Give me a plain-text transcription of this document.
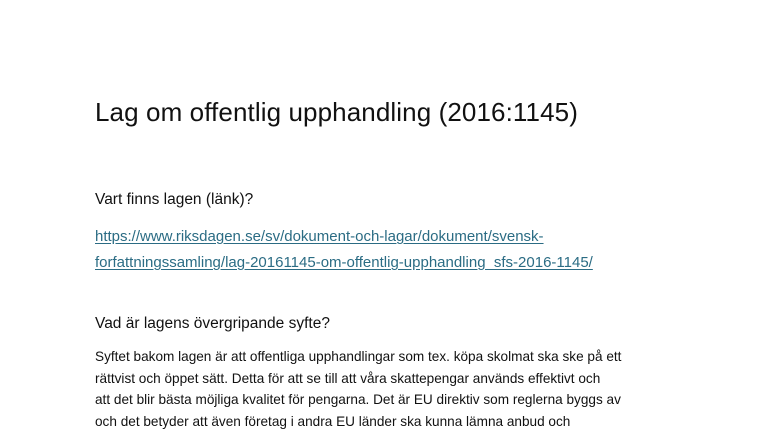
Lag om offentlig upphandling (2016:1145)
Vart finns lagen (länk)?
https://www.riksdagen.se/sv/dokument-och-lagar/dokument/svensk-
forfattningssamling/lag-20161145-om-offentlig-upphandling_sfs-2016-1145/
Vad är lagens övergripande syfte?

Syftet bakom lagen är att offentliga upphandlingar som tex. köpa skolmat ska ske på ett
rättvist och öppet sätt. Detta för att se till att våra skattepengar används effektivt och
att det blir bästa möjliga kvalitet för pengarna. Det är EU direktiv som reglerna byggs av
och det betyder att även företag i andra EU länder ska kunna lämna anbud och
